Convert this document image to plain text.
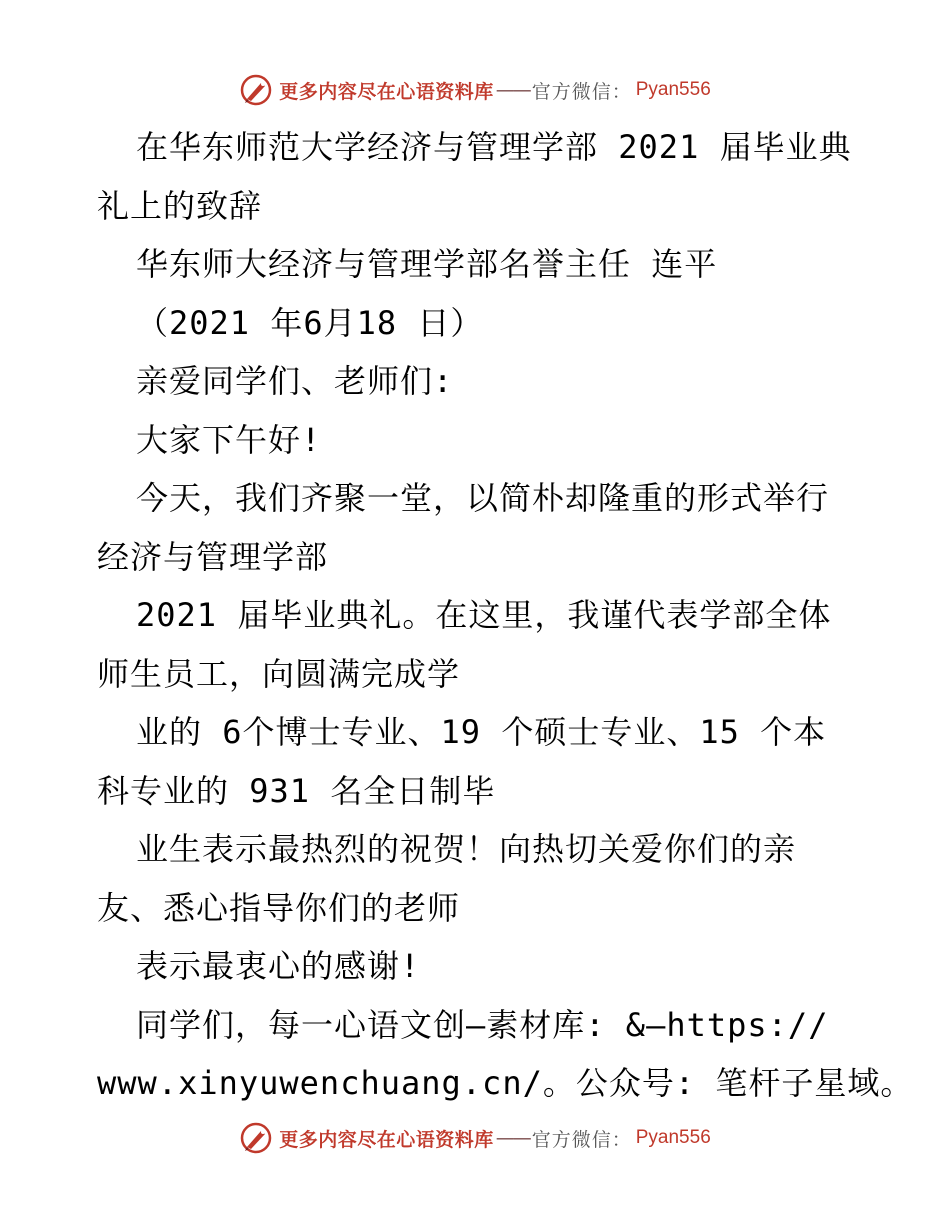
更多内容尽在心语资料库 —— 官方微信： Pyan556
在华东师范大学经济与管理学部 2021 届毕业典
礼上的致辞
华东师大经济与管理学部名誉主任 连平
（2021 年6月18 日）
亲爱同学们、老师们:
大家下午好!
今天，我们齐聚一堂，以简朴却隆重的形式举行
经济与管理学部
2021 届毕业典礼。在这里，我谨代表学部全体
师生员工，向圆满完成学
业的 6个博士专业、19 个硕士专业、15 个本
科专业的 931 名全日制毕
业生表示最热烈的祝贺！向热切关爱你们的亲
友、悉心指导你们的老师
表示最衷心的感谢!
同学们，每一心语文创—素材库: &—https://
www.xinyuwenchuang.cn/。公众号: 笔杆子星域。
更多内容尽在心语资料库 —— 官方微信： Pyan556
